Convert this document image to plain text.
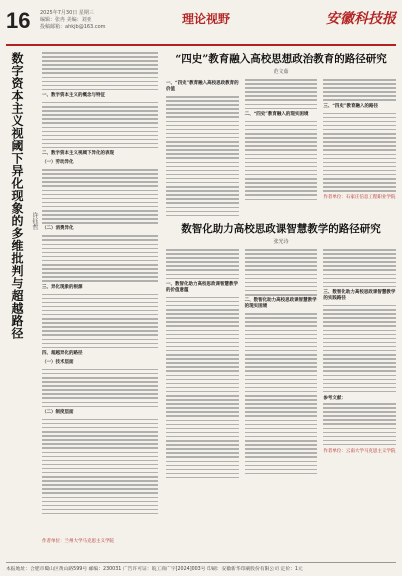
16 2025年7月30日 星期三
编辑：张冉 美编：刘亚
投稿邮箱：ahkjb@163.com
理论视野	安徽科技报
数字资本主义视阈下异化现象的多维批判与超越路径	许钰哲
一、数字资本主义的概念与特征
二、数字资本主义视阈下异化的表现
（一）劳动异化
（二）消费异化
三、异化现象的根源
四、超越异化的路径
（一）技术层面
（二）制度层面
作者单位：兰州大学马克思主义学院
“四史”教育融入高校思想政治教育的路径研究
范文茹
一、“四史”教育融入高校思政教育的价值
二、“四史”教育融入的现实困境
三、“四史”教育融入的路径
作者单位：石家庄信息工程职业学院
数智化助力高校思政课智慧教学的路径研究
张光诗
一、数智化助力高校思政课智慧教学的价值意蕴
二、数智化助力高校思政课智慧教学的现实困境
三、数智化助力高校思政课智慧教学的实践路径
参考文献：
作者单位：云南大学马克思主义学院
本报地址：合肥市蜀山区黄山路599号 邮编：230031 广告许可证：皖工商广字[2024]003号 印刷：安徽新华印刷股份有限公司 定价：1元
